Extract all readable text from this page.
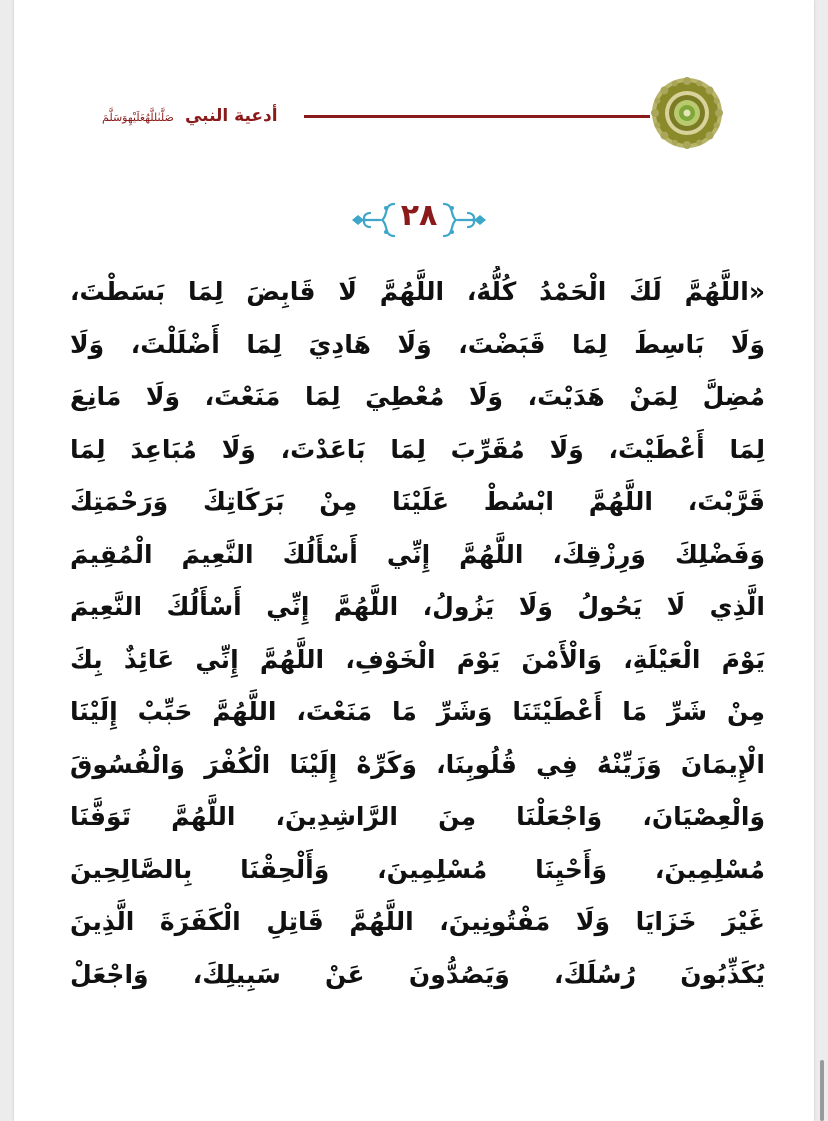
أدعية النبي صَلَّىٰللَّهُعَلَيْهِوَسَلَّمَ
٢٨
«اللَّهُمَّ لَكَ الْحَمْدُ كُلُّهُ، اللَّهُمَّ لَا قَابِضَ لِمَا بَسَطْتَ،
وَلَا بَاسِطَ لِمَا قَبَضْتَ، وَلَا هَادِيَ لِمَا أَضْلَلْتَ، وَلَا
مُضِلَّ لِمَنْ هَدَيْتَ، وَلَا مُعْطِيَ لِمَا مَنَعْتَ، وَلَا مَانِعَ
لِمَا أَعْطَيْتَ، وَلَا مُقَرِّبَ لِمَا بَاعَدْتَ، وَلَا مُبَاعِدَ لِمَا
قَرَّبْتَ، اللَّهُمَّ ابْسُطْ عَلَيْنَا مِنْ بَرَكَاتِكَ وَرَحْمَتِكَ
وَفَضْلِكَ وَرِزْقِكَ، اللَّهُمَّ إِنِّي أَسْأَلُكَ النَّعِيمَ الْمُقِيمَ
الَّذِي لَا يَحُولُ وَلَا يَزُولُ، اللَّهُمَّ إِنِّي أَسْأَلُكَ النَّعِيمَ
يَوْمَ الْعَيْلَةِ، وَالْأَمْنَ يَوْمَ الْخَوْفِ، اللَّهُمَّ إِنِّي عَائِذٌ بِكَ
مِنْ شَرِّ مَا أَعْطَيْتَنَا وَشَرِّ مَا مَنَعْتَ، اللَّهُمَّ حَبِّبْ إِلَيْنَا
الْإِيمَانَ وَزَيِّنْهُ فِي قُلُوبِنَا، وَكَرِّهْ إِلَيْنَا الْكُفْرَ وَالْفُسُوقَ
وَالْعِصْيَانَ، وَاجْعَلْنَا مِنَ الرَّاشِدِينَ، اللَّهُمَّ تَوَفَّنَا
مُسْلِمِينَ، وَأَحْيِنَا مُسْلِمِينَ، وَأَلْحِقْنَا بِالصَّالِحِينَ
غَيْرَ خَزَايَا وَلَا مَفْتُونِينَ، اللَّهُمَّ قَاتِلِ الْكَفَرَةَ الَّذِينَ
يُكَذِّبُونَ رُسُلَكَ، وَيَصُدُّونَ عَنْ سَبِيلِكَ، وَاجْعَلْ
